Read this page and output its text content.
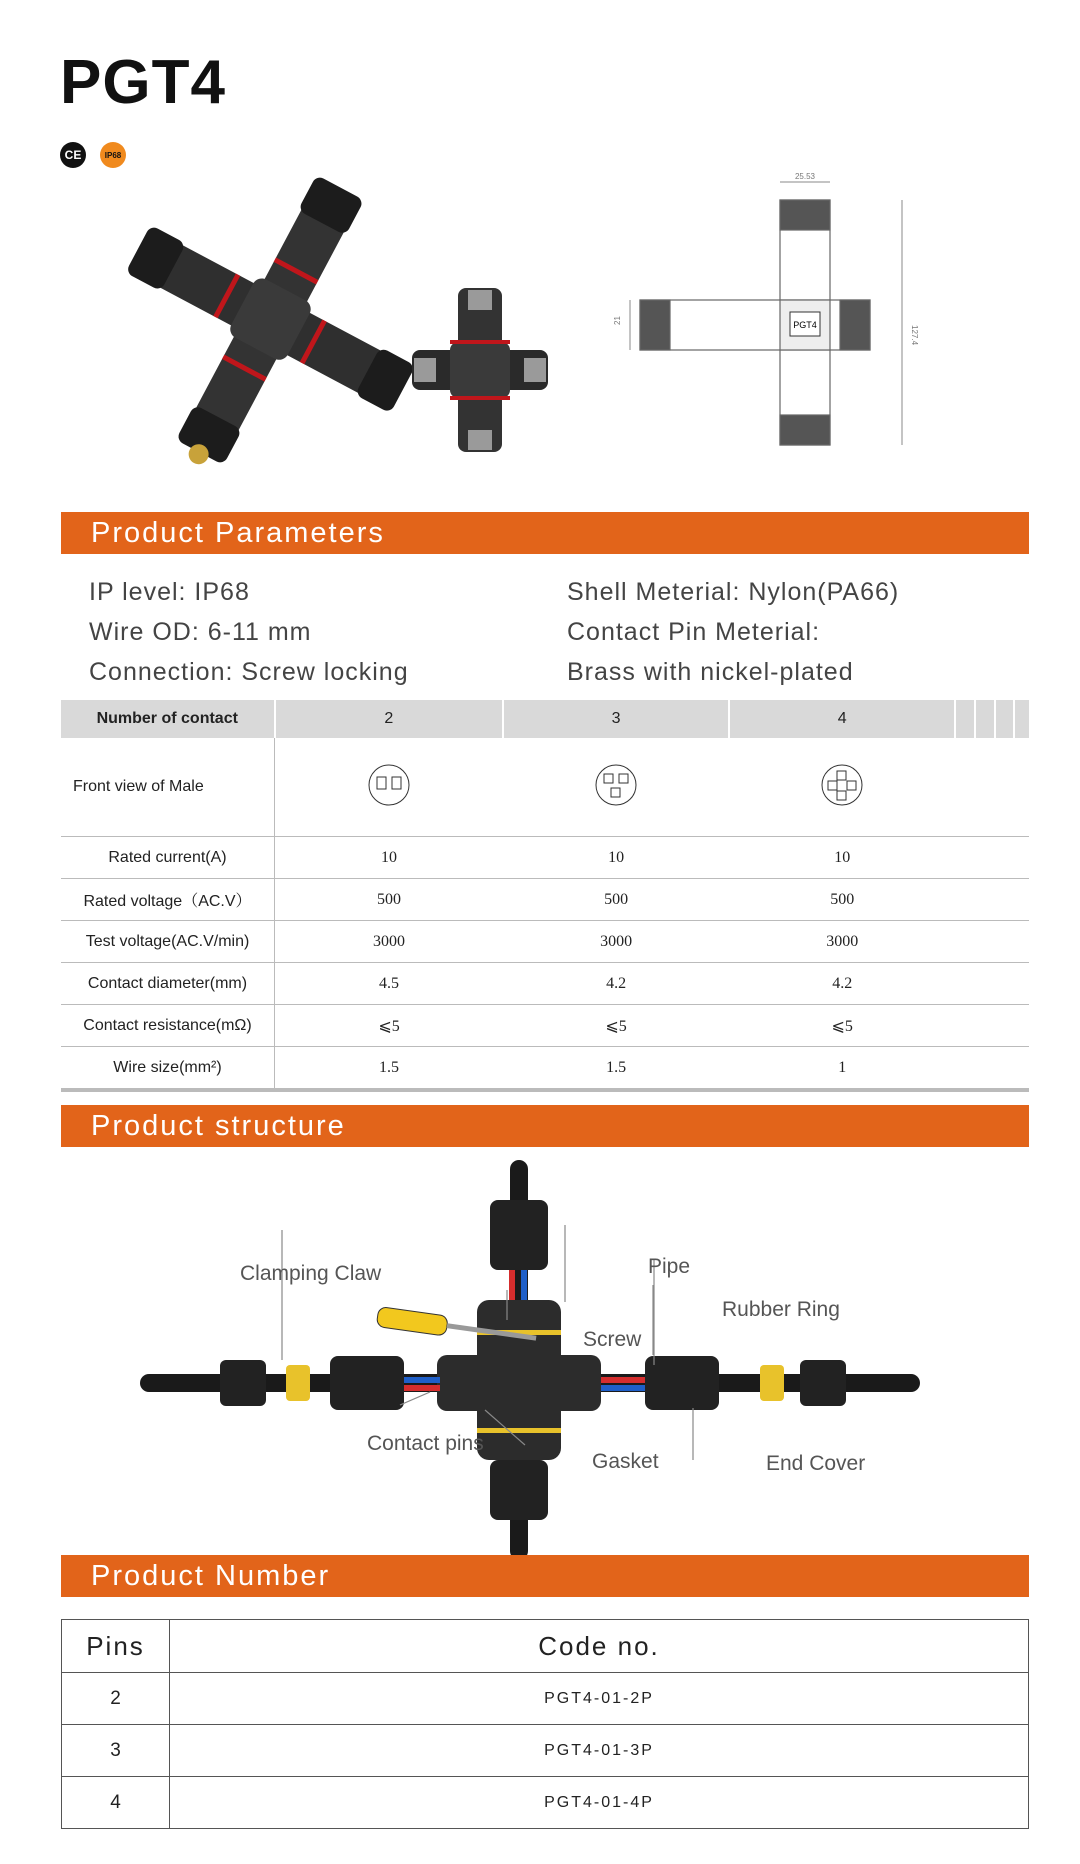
PGT4
CE	IP68
PGT4
25.53
127.4
21
Product Parameters
IP level: IP68
Wire OD: 6-11 mm
Connection: Screw locking
Shell Meterial: Nylon(PA66)
Contact Pin Meterial:
Brass with nickel-plated
Number of contact	2	3	4				
Front view of Male							
Rated current(A)	10	10	10				
Rated voltage（AC.V）	500	500	500				
Test voltage(AC.V/min)	3000	3000	3000				
Contact diameter(mm)	4.5	4.2	4.2				
Contact resistance(mΩ)	⩽5	⩽5	⩽5				
Wire size(mm²)	1.5	1.5	1				
Product structure
Clamping Claw	Pipe
Rubber Ring
Screw
Contact pins
Gasket	End Cover
Product Number
Pins	Code no.
2	PGT4-01-2P
3	PGT4-01-3P
4	PGT4-01-4P
